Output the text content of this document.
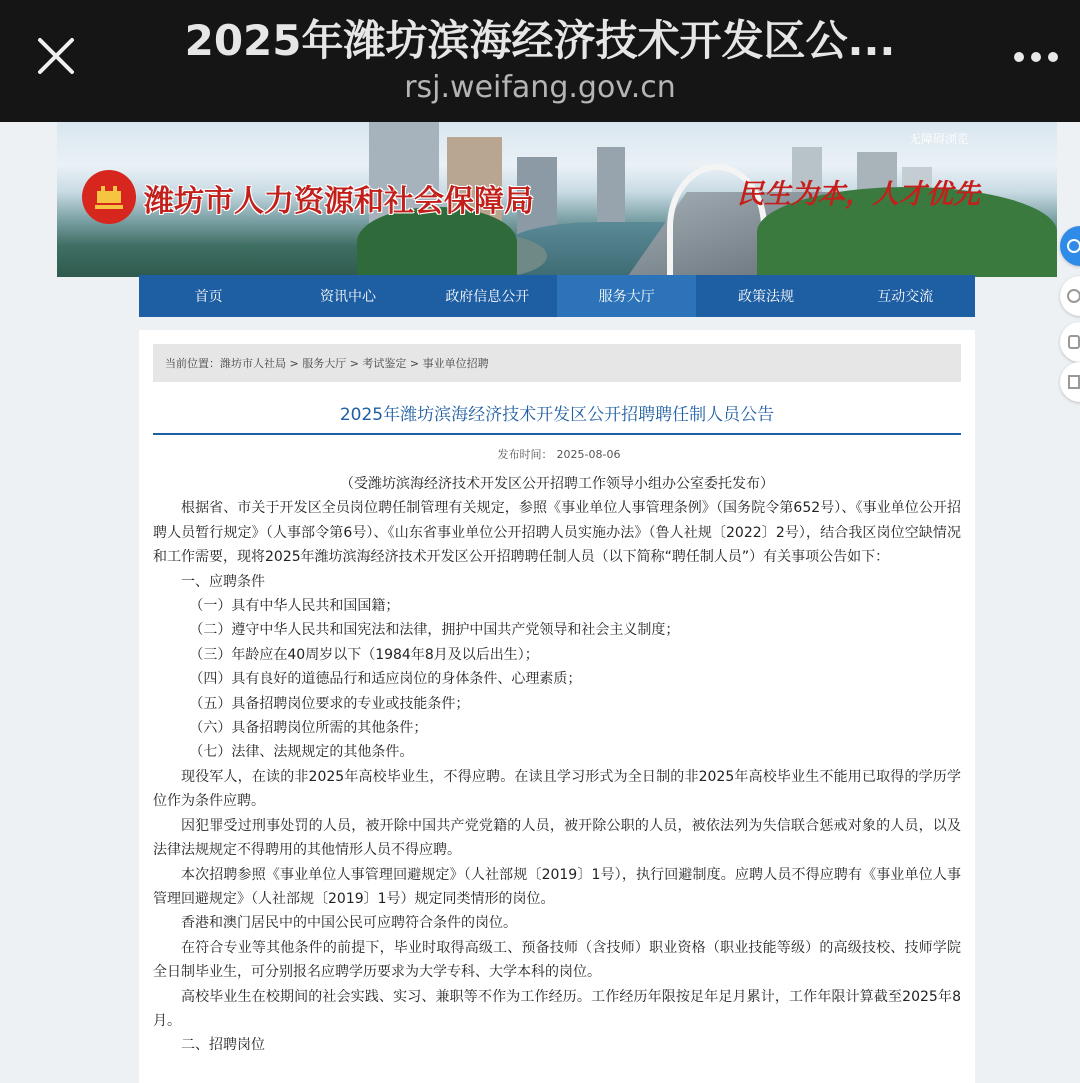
2025年潍坊滨海经济技术开发区公...
rsj.weifang.gov.cn
无障碍浏览
民生为本，人才优先
潍坊市人力资源和社会保障局
首页	资讯中心	政府信息公开	服务大厅	政策法规	互动交流
当前位置： 潍坊市人社局 > 服务大厅 > 考试鉴定 > 事业单位招聘
2025年潍坊滨海经济技术开发区公开招聘聘任制人员公告
发布时间： 2025-08-06

（受潍坊滨海经济技术开发区公开招聘工作领导小组办公室委托发布）

根据省、市关于开发区全员岗位聘任制管理有关规定，参照《事业单位人事管理条例》（国务院令第652号）、《事业单位公开招聘人员暂行规定》（人事部令第6号）、《山东省事业单位公开招聘人员实施办法》（鲁人社规〔2022〕2号），结合我区岗位空缺情况和工作需要，现将2025年潍坊滨海经济技术开发区公开招聘聘任制人员（以下简称“聘任制人员”）有关事项公告如下：

一、应聘条件

（一）具有中华人民共和国国籍；

（二）遵守中华人民共和国宪法和法律，拥护中国共产党领导和社会主义制度；

（三）年龄应在40周岁以下（1984年8月及以后出生）；

（四）具有良好的道德品行和适应岗位的身体条件、心理素质；

（五）具备招聘岗位要求的专业或技能条件；

（六）具备招聘岗位所需的其他条件；

（七）法律、法规规定的其他条件。

现役军人，在读的非2025年高校毕业生，不得应聘。在读且学习形式为全日制的非2025年高校毕业生不能用已取得的学历学位作为条件应聘。

因犯罪受过刑事处罚的人员，被开除中国共产党党籍的人员，被开除公职的人员，被依法列为失信联合惩戒对象的人员，以及法律法规规定不得聘用的其他情形人员不得应聘。

本次招聘参照《事业单位人事管理回避规定》（人社部规〔2019〕1号），执行回避制度。应聘人员不得应聘有《事业单位人事管理回避规定》（人社部规〔2019〕1号）规定同类情形的岗位。

香港和澳门居民中的中国公民可应聘符合条件的岗位。

在符合专业等其他条件的前提下，毕业时取得高级工、预备技师（含技师）职业资格（职业技能等级）的高级技校、技师学院全日制毕业生，可分别报名应聘学历要求为大学专科、大学本科的岗位。

高校毕业生在校期间的社会实践、实习、兼职等不作为工作经历。工作经历年限按足年足月累计，工作年限计算截至2025年8月。

二、招聘岗位
